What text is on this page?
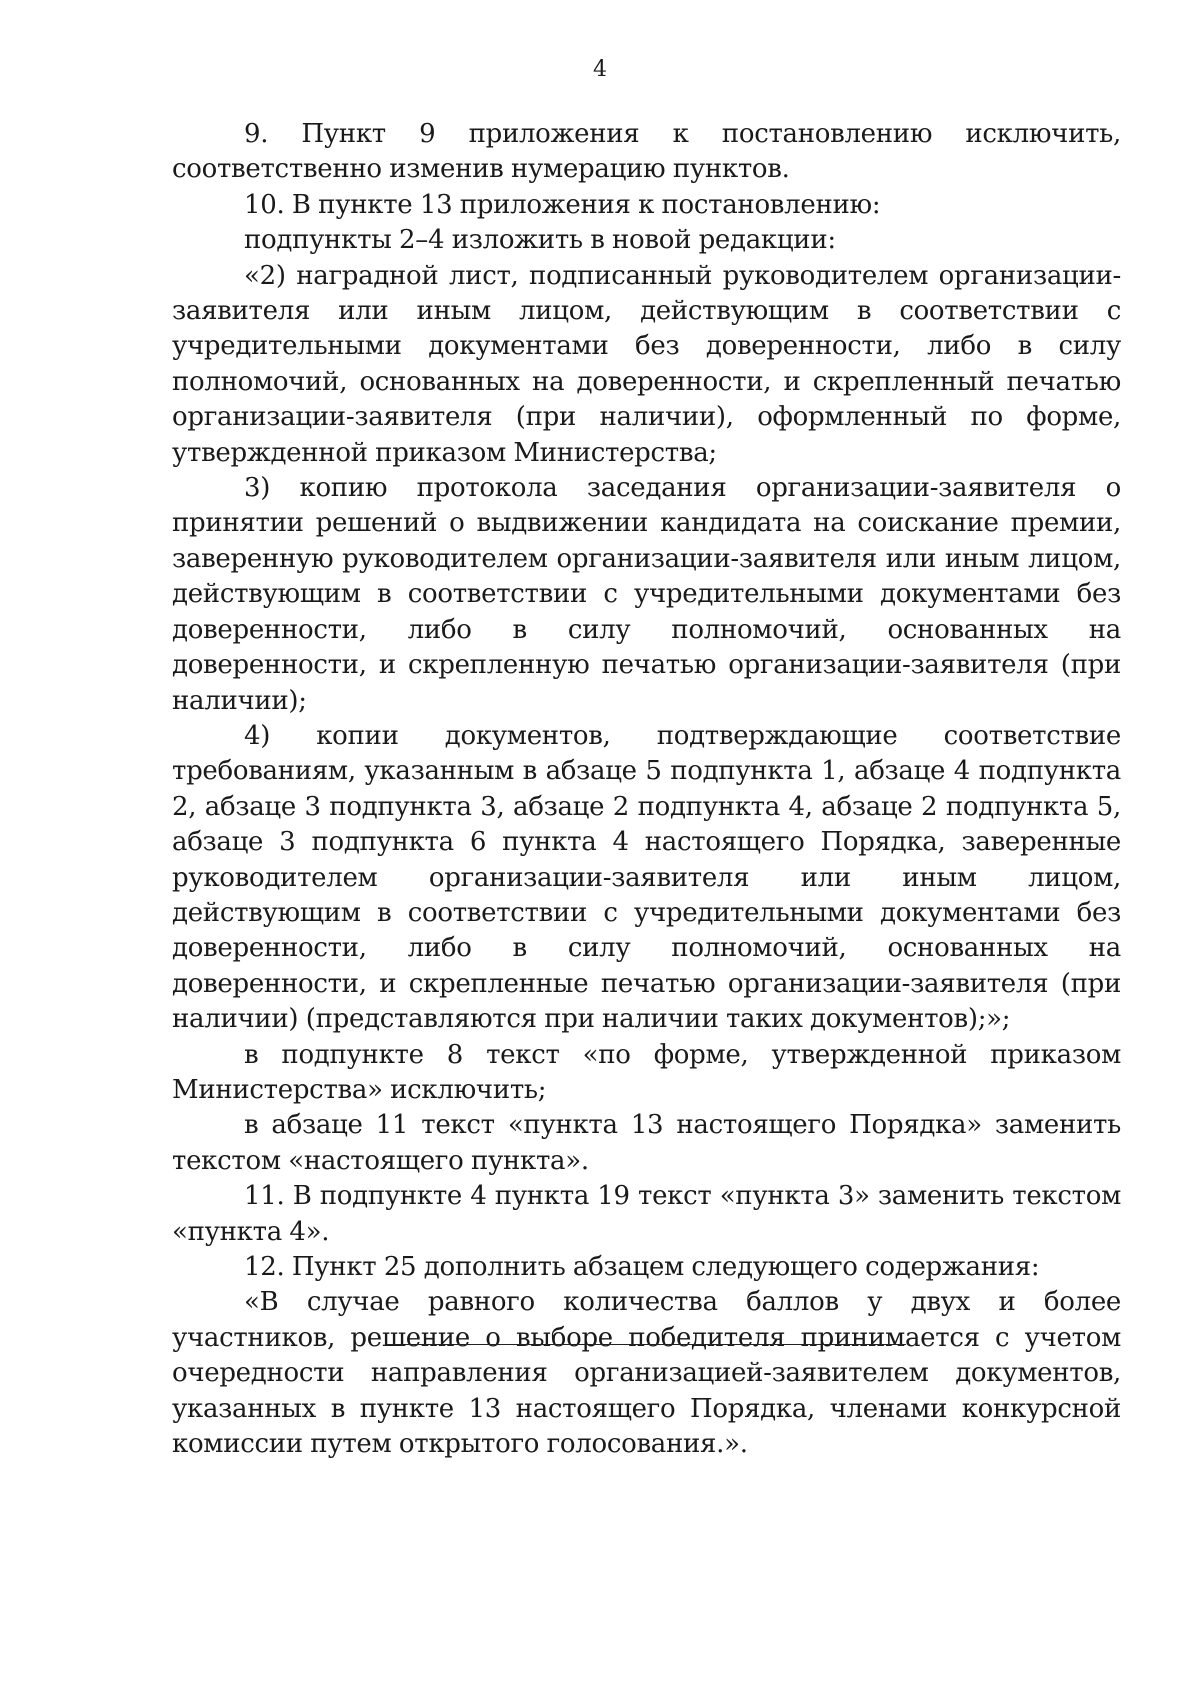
4

9. Пункт 9 приложения к постановлению исключить, соответственно изменив нумерацию пунктов.

10. В пункте 13 приложения к постановлению:

подпункты 2–4 изложить в новой редакции:

«2) наградной лист, подписанный руководителем организации-заявителя или иным лицом, действующим в соответствии с учредительными документами без доверенности, либо в силу полномочий, основанных на доверенности, и скрепленный печатью организации-заявителя (при наличии), оформленный по форме, утвержденной приказом Министерства;

3) копию протокола заседания организации-заявителя о принятии решений о выдвижении кандидата на соискание премии, заверенную руководителем организации-заявителя или иным лицом, действующим в соответствии с учредительными документами без доверенности, либо в силу полномочий, основанных на доверенности, и скрепленную печатью организации-заявителя (при наличии);

4) копии документов, подтверждающие соответствие требованиям, указанным в абзаце 5 подпункта 1, абзаце 4 подпункта 2, абзаце 3 подпункта 3, абзаце 2 подпункта 4, абзаце 2 подпункта 5, абзаце 3 подпункта 6 пункта 4 настоящего Порядка, заверенные руководителем организации-заявителя или иным лицом, действующим в соответствии с учредительными документами без доверенности, либо в силу полномочий, основанных на доверенности, и скрепленные печатью организации-заявителя (при наличии) (представляются при наличии таких документов);»;

в подпункте 8 текст «по форме, утвержденной приказом Министерства» исключить;

в абзаце 11 текст «пункта 13 настоящего Порядка» заменить текстом «настоящего пункта».

11. В подпункте 4 пункта 19 текст «пункта 3» заменить текстом «пункта 4».

12. Пункт 25 дополнить абзацем следующего содержания:

«В случае равного количества баллов у двух и более участников, решение о выборе победителя принимается с учетом очередности направления организацией-заявителем документов, указанных в пункте 13 настоящего Порядка, членами конкурсной комиссии путем открытого голосования.».
